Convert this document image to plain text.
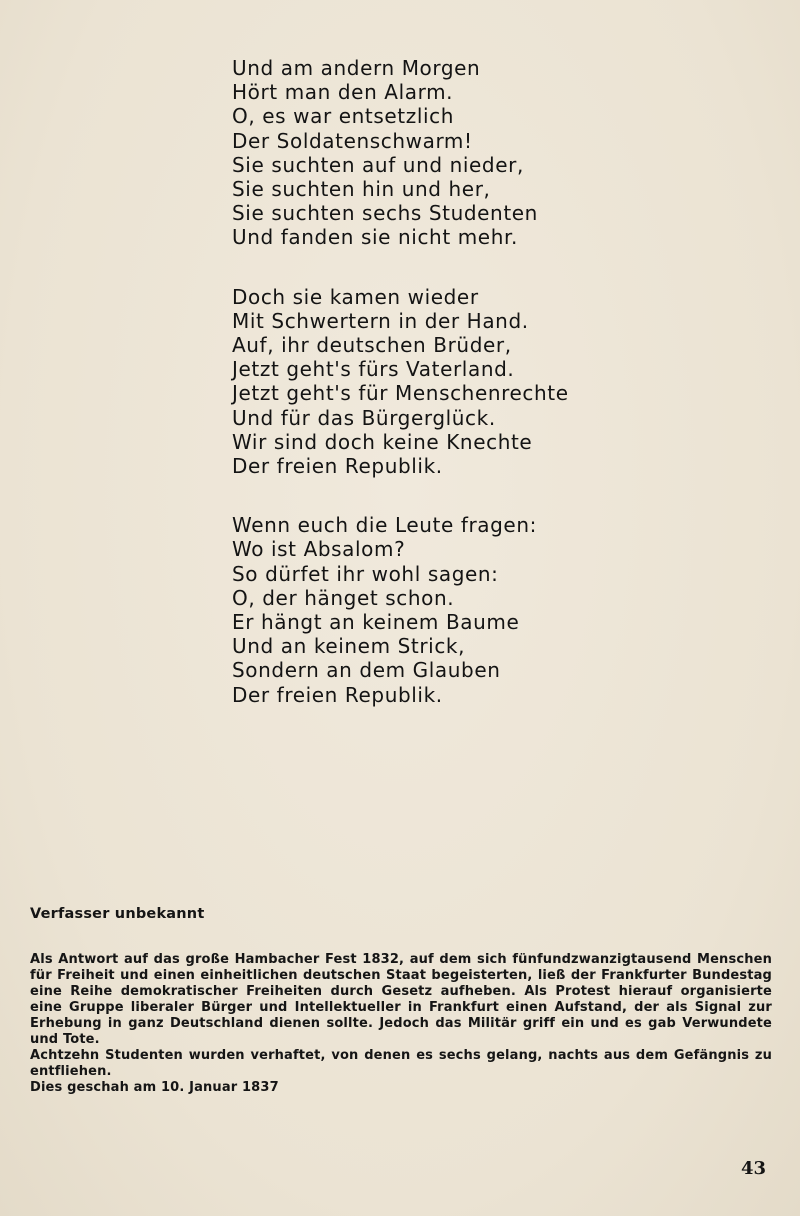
Und am andern Morgen
Hört man den Alarm.
O, es war entsetzlich
Der Soldatenschwarm!
Sie suchten auf und nieder,
Sie suchten hin und her,
Sie suchten sechs Studenten
Und fanden sie nicht mehr.
Doch sie kamen wieder
Mit Schwertern in der Hand.
Auf, ihr deutschen Brüder,
Jetzt geht's fürs Vaterland.
Jetzt geht's für Menschenrechte
Und für das Bürgerglück.
Wir sind doch keine Knechte
Der freien Republik.
Wenn euch die Leute fragen:
Wo ist Absalom?
So dürfet ihr wohl sagen:
O, der hänget schon.
Er hängt an keinem Baume
Und an keinem Strick,
Sondern an dem Glauben
Der freien Republik.
Verfasser unbekannt
Als Antwort auf das große Hambacher Fest 1832, auf dem sich fünfundzwanzigtausend Menschen für Freiheit und einen einheitlichen deutschen Staat begeisterten, ließ der Frankfurter Bundestag eine Reihe demokratischer Freiheiten durch Gesetz aufheben. Als Protest hierauf organisierte eine Gruppe liberaler Bürger und Intellektueller in Frankfurt einen Aufstand, der als Signal zur Erhebung in ganz Deutschland dienen sollte. Jedoch das Militär griff ein und es gab Verwundete und Tote.
Achtzehn Studenten wurden verhaftet, von denen es sechs gelang, nachts aus dem Gefängnis zu entfliehen.
Dies geschah am 10. Januar 1837
43
